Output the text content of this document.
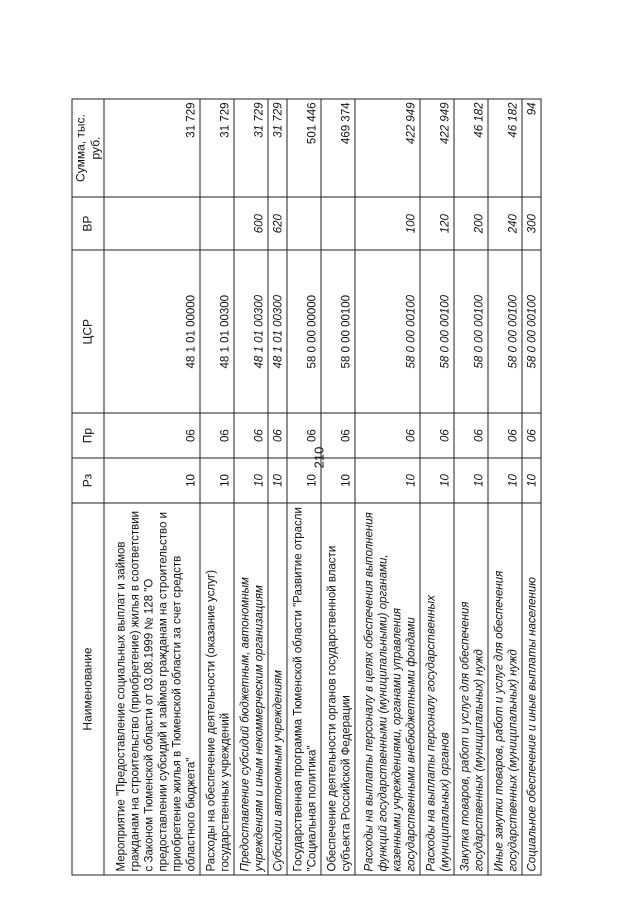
210
Наименование	Рз	Пр	ЦСР	ВР	Сумма, тыс. руб.
Мероприятие "Предоставление социальных выплат и займов гражданам на строительство (приобретение) жилья в соответствии с Законом Тюменской области от 03.08.1999 № 128 "О предоставлении субсидий и займов гражданам на строительство и приобретение жилья в Тюменской области за счет средств областного бюджета"	10	06	48 1 01 00000		31 729
Расходы на обеспечение деятельности (оказание услуг) государственных учреждений	10	06	48 1 01 00300		31 729
Предоставление субсидий бюджетным, автономным учреждениям и иным некоммерческим организациям	10	06	48 1 01 00300	600	31 729
Субсидии автономным учреждениям	10	06	48 1 01 00300	620	31 729
Государственная программа Тюменской области "Развитие отрасли "Социальная политика"	10	06	58 0 00 00000		501 446
Обеспечение деятельности органов государственной власти субъекта Российской Федерации	10	06	58 0 00 00100		469 374
Расходы на выплаты персоналу в целях обеспечения выполнения функций государственными (муниципальными) органами, казенными учреждениями, органами управления государственными внебюджетными фондами	10	06	58 0 00 00100	100	422 949
Расходы на выплаты персоналу государственных (муниципальных) органов	10	06	58 0 00 00100	120	422 949
Закупка товаров, работ и услуг для обеспечения государственных (муниципальных) нужд	10	06	58 0 00 00100	200	46 182
Иные закупки товаров, работ и услуг для обеспечения государственных (муниципальных) нужд	10	06	58 0 00 00100	240	46 182
Социальное обеспечение и иные выплаты населению	10	06	58 0 00 00100	300	94
